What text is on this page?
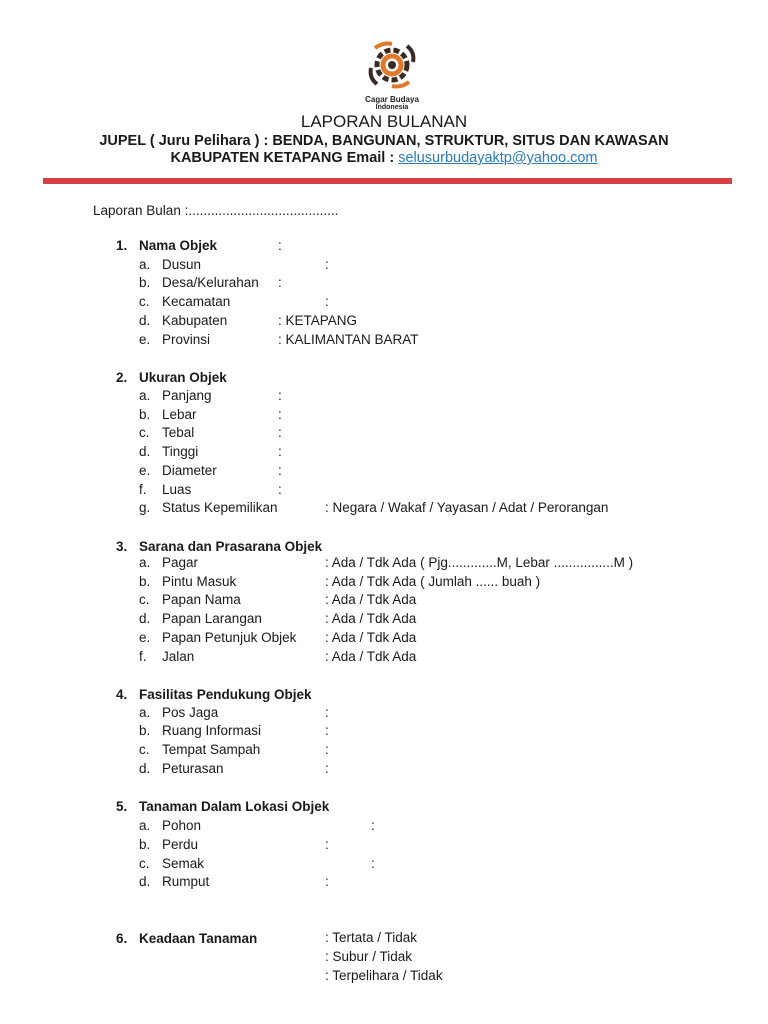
Cagar Budaya
Indonesia
LAPORAN BULANAN
JUPEL ( Juru Pelihara ) : BENDA, BANGUNAN, STRUKTUR, SITUS DAN KAWASAN
KABUPATEN KETAPANG Email : selusurbudayaktp@yahoo.com
Laporan Bulan :........................................
1. Nama Objek	:
a. Dusun	:
b. Desa/Kelurahan :
c. Kecamatan	:
d. Kabupaten	: KETAPANG
e. Provinsi	: KALIMANTAN BARAT
2. Ukuran Objek
a. Panjang	:
b. Lebar	:
c. Tebal	:
d. Tinggi	:
e. Diameter	:
f. Luas	:
g. Status Kepemilikan	: Negara / Wakaf / Yayasan / Adat / Perorangan
3. Sarana dan Prasarana Objek
a. Pagar	: Ada / Tdk Ada ( Pjg.............M, Lebar ................M )
b. Pintu Masuk	: Ada / Tdk Ada ( Jumlah ...... buah )
c. Papan Nama	: Ada / Tdk Ada
d. Papan Larangan	: Ada / Tdk Ada
e. Papan Petunjuk Objek : Ada / Tdk Ada
f. Jalan	: Ada / Tdk Ada
4. Fasilitas Pendukung Objek
a. Pos Jaga	:
b. Ruang Informasi	:
c. Tempat Sampah	:
d. Peturasan	:
5. Tanaman Dalam Lokasi Objek
a. Pohon	:
b. Perdu	:
c. Semak	:
d. Rumput	:
6. Keadaan Tanaman	: Tertata / Tidak
: Subur / Tidak
: Terpelihara / Tidak
